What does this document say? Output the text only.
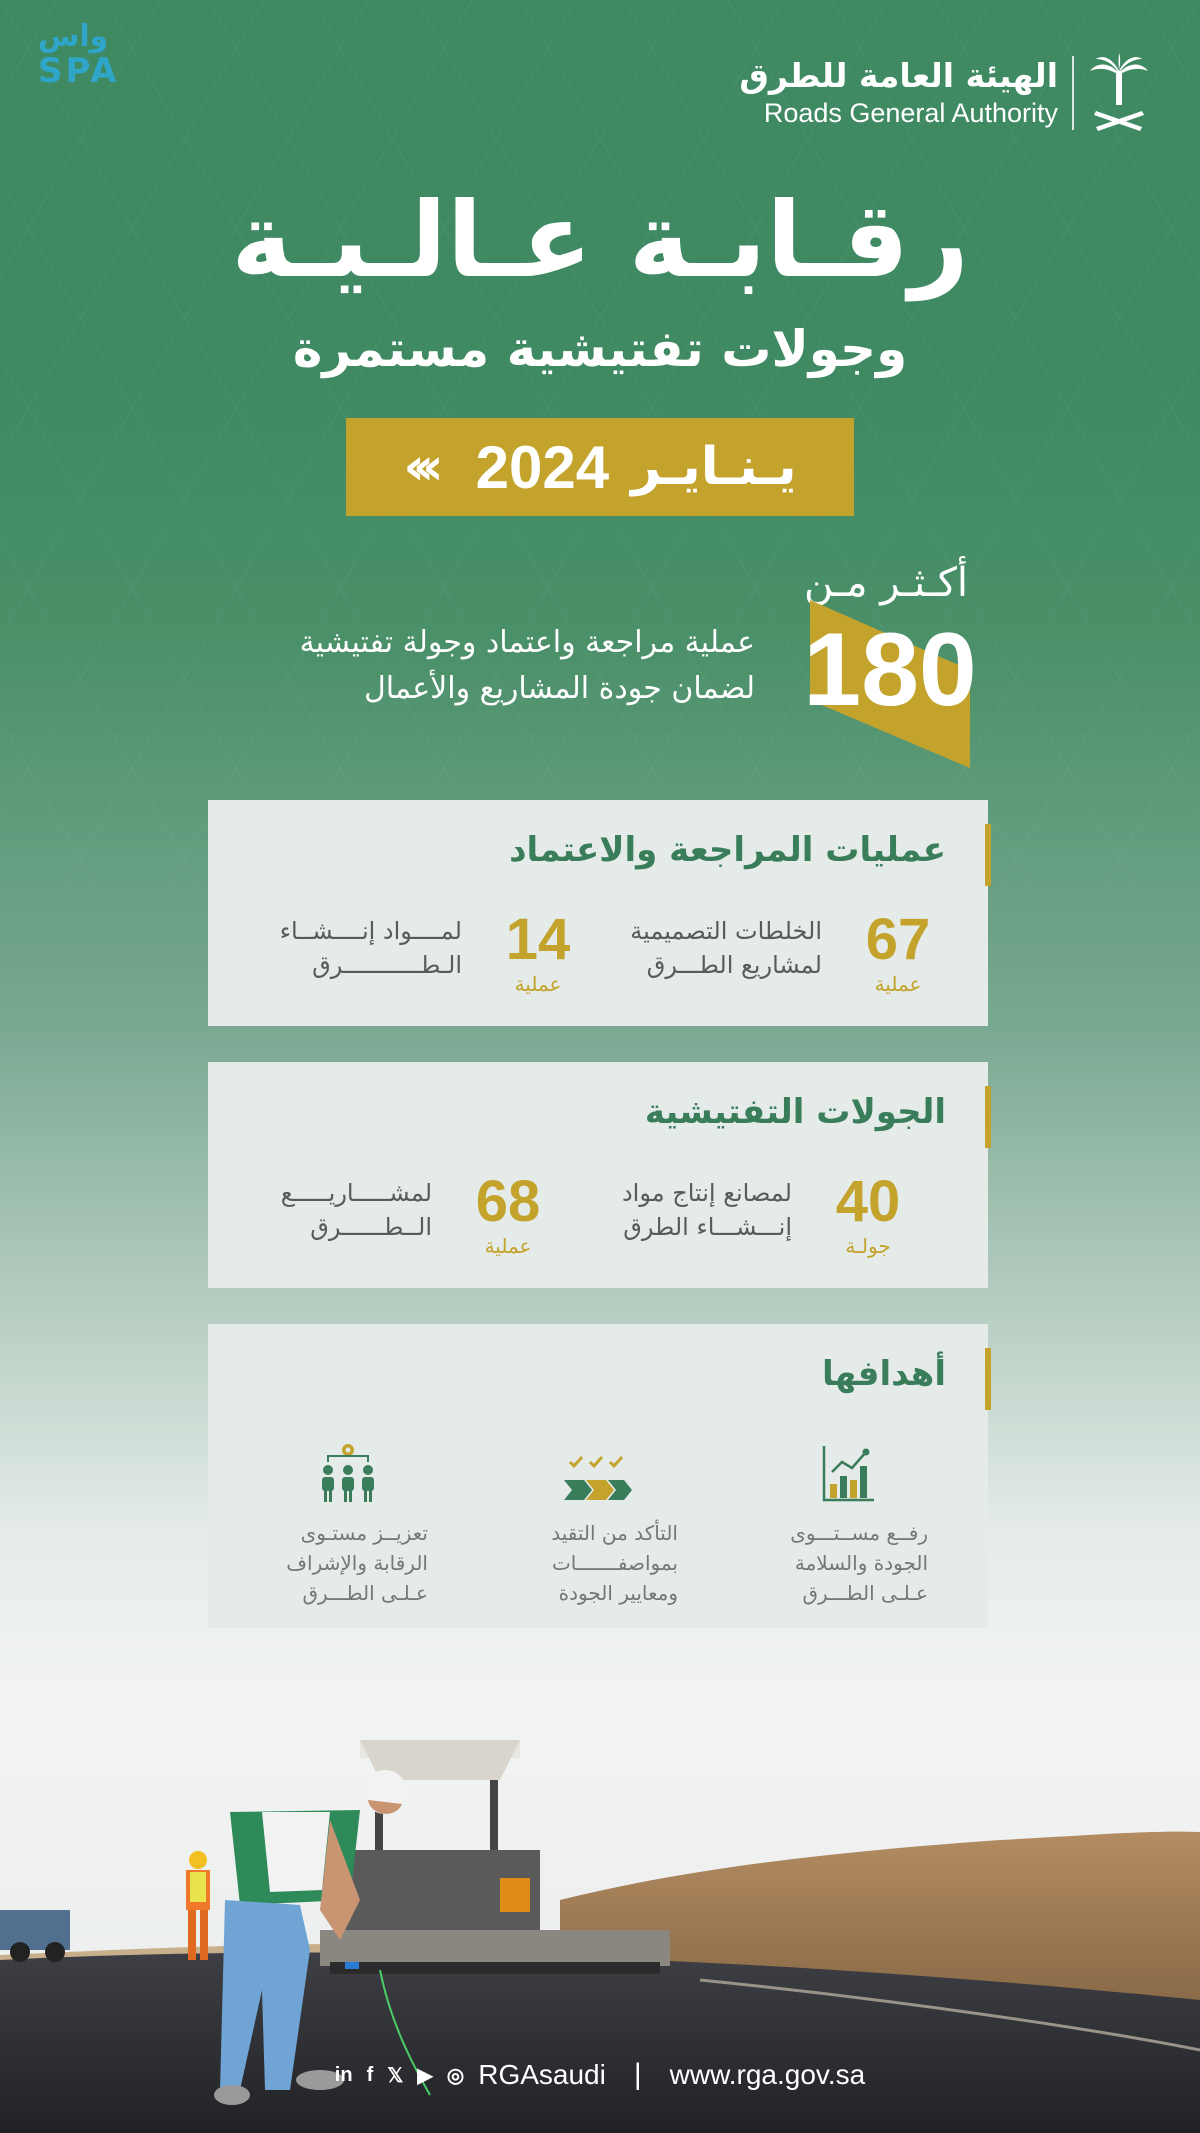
واس
SPA	الهيئة العامة للطرق
Roads General Authority
رقـابـة عـالـيـة
وجولات تفتيشية مستمرة
‹‹‹ 2024 يـنـايـر
أكـثـر مـن
180
عملية مراجعة واعتماد وجولة تفتيشية
لضمان جودة المشاريع والأعمال
عمليات المراجعة والاعتماد
67
عملية
الخلطات التصميمية
لمشاريع الطـــرق
14
عملية
لمــــواد إنــــشــاء
الـطـــــــــــرق
الجولات التفتيشية
40
جولـة
لمصانع إنتاج مواد
إنـــشـــاء الطرق
68
عملية
لمشـــــاريـــــع
الــطــــــرق
أهدافها
رفــع مســتـــوى
الجودة والسلامة
عـلـى الطـــرق
التأكد من التقيد
بمواصفـــــــات
ومعايير الجودة
تعزيــز مستـوى
الرقابة والإشراف
عـلـى الطـــرق
in f 𝕏 ▶ ◎ RGAsaudi | www.rga.gov.sa
